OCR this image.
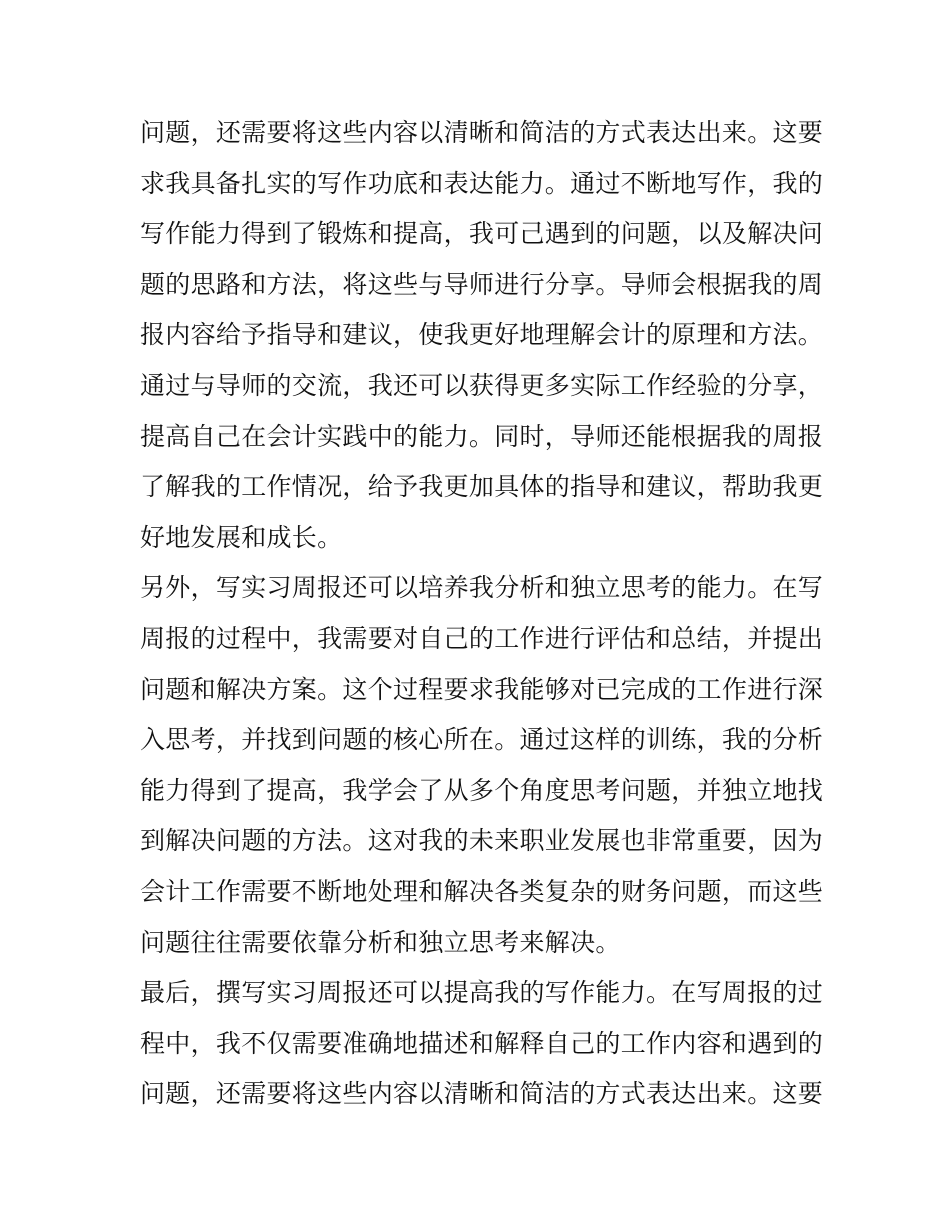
问题，还需要将这些内容以清晰和简洁的方式表达出来。这要
求我具备扎实的写作功底和表达能力。通过不断地写作，我的
写作能力得到了锻炼和提高，我可己遇到的问题，以及解决问
题的思路和方法，将这些与导师进行分享。导师会根据我的周
报内容给予指导和建议，使我更好地理解会计的原理和方法。
通过与导师的交流，我还可以获得更多实际工作经验的分享，
提高自己在会计实践中的能力。同时，导师还能根据我的周报
了解我的工作情况，给予我更加具体的指导和建议，帮助我更
好地发展和成长。
另外，写实习周报还可以培养我分析和独立思考的能力。在写
周报的过程中，我需要对自己的工作进行评估和总结，并提出
问题和解决方案。这个过程要求我能够对已完成的工作进行深
入思考，并找到问题的核心所在。通过这样的训练，我的分析
能力得到了提高，我学会了从多个角度思考问题，并独立地找
到解决问题的方法。这对我的未来职业发展也非常重要，因为
会计工作需要不断地处理和解决各类复杂的财务问题，而这些
问题往往需要依靠分析和独立思考来解决。
最后，撰写实习周报还可以提高我的写作能力。在写周报的过
程中，我不仅需要准确地描述和解释自己的工作内容和遇到的
问题，还需要将这些内容以清晰和简洁的方式表达出来。这要
